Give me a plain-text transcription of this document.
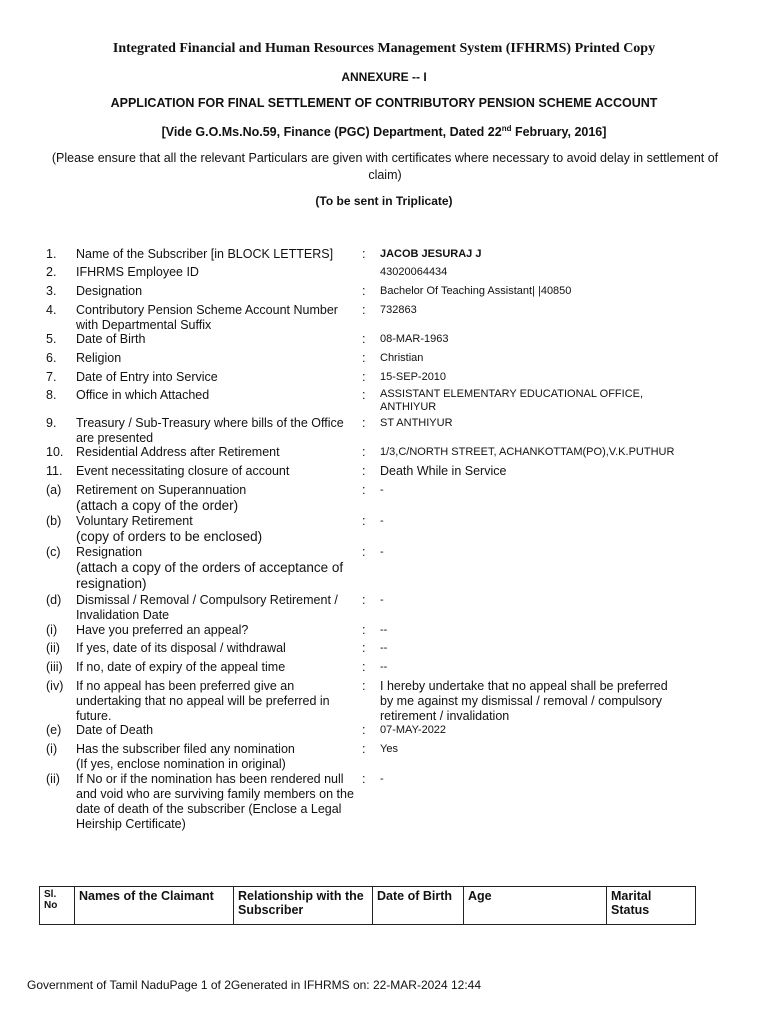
Integrated Financial and Human Resources Management System (IFHRMS) Printed Copy
ANNEXURE -- I
APPLICATION FOR FINAL SETTLEMENT OF CONTRIBUTORY PENSION SCHEME ACCOUNT
[Vide G.O.Ms.No.59, Finance (PGC) Department, Dated 22nd February, 2016]
(Please ensure that all the relevant Particulars are given with certificates where necessary to avoid delay in settlement of claim)
(To be sent in Triplicate)
1. Name of the Subscriber [in BLOCK LETTERS]	: JACOB JESURAJ J
2. IFHRMS Employee ID	43020064434
3. Designation	: Bachelor Of Teaching Assistant| |40850
4. Contributory Pension Scheme Account Number with Departmental Suffix
: 732863
5. Date of Birth	: 08-MAR-1963
6. Religion	: Christian
7. Date of Entry into Service	: 15-SEP-2010
8. Office in which Attached	: ASSISTANT ELEMENTARY EDUCATIONAL OFFICE, ANTHIYUR
9. Treasury / Sub-Treasury where bills of the Office are presented
: ST ANTHIYUR
10. Residential Address after Retirement	: 1/3,C/NORTH STREET, ACHANKOTTAM(PO),V.K.PUTHUR
11. Event necessitating closure of account	: Death While in Service
(a) Retirement on Superannuation
(attach a copy of the order)
: -
(b) Voluntary Retirement
(copy of orders to be enclosed)
: -
(c) Resignation
(attach a copy of the orders of acceptance of resignation)
: -
(d) Dismissal / Removal / Compulsory Retirement / Invalidation Date
: -
(i) Have you preferred an appeal?	: --
(ii) If yes, date of its disposal / withdrawal	: --
(iii) If no, date of expiry of the appeal time	: --
(iv) If no appeal has been preferred give an undertaking that no appeal will be preferred in future.
: I hereby undertake that no appeal shall be preferred by me against my dismissal / removal / compulsory retirement / invalidation
(e) Date of Death	: 07-MAY-2022
(i) Has the subscriber filed any nomination
(If yes, enclose nomination in original)
: Yes
(ii) If No or if the nomination has been rendered null and void who are surviving family members on the date of death of the subscriber (Enclose a Legal Heirship Certificate)
: -
Sl. No	Names of the Claimant	Relationship with the Subscriber	Date of Birth	Age	Marital Status
Government of Tamil NaduPage 1 of 2Generated in IFHRMS on: 22-MAR-2024 12:44
